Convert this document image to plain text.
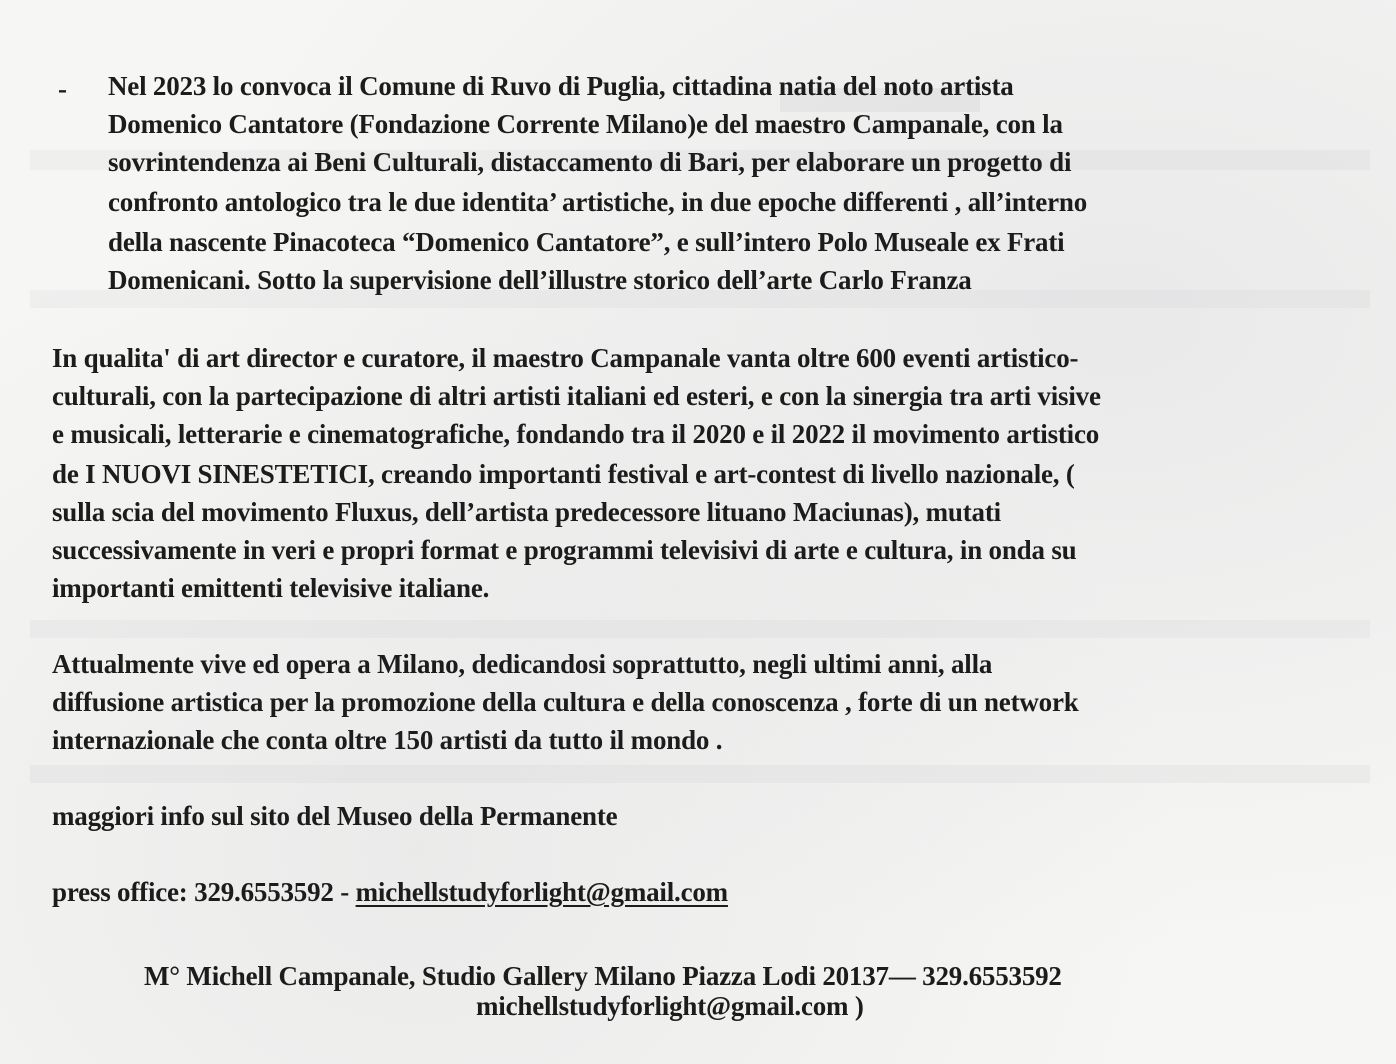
- Nel 2023 lo convoca il Comune di Ruvo di Puglia, cittadina natia del noto artista
Domenico Cantatore (Fondazione Corrente Milano)e del maestro Campanale, con la
sovrintendenza ai Beni Culturali, distaccamento di Bari, per elaborare un progetto di
confronto antologico tra le due identita’ artistiche, in due epoche differenti , all’interno
della nascente Pinacoteca “Domenico Cantatore”, e sull’intero Polo Museale ex Frati
Domenicani. Sotto la supervisione dell’illustre storico dell’arte Carlo Franza
In qualita' di art director e curatore, il maestro Campanale vanta oltre 600 eventi artistico-
culturali, con la partecipazione di altri artisti italiani ed esteri, e con la sinergia tra arti visive
e musicali, letterarie e cinematografiche, fondando tra il 2020 e il 2022 il movimento artistico
de I NUOVI SINESTETICI, creando importanti festival e art-contest di livello nazionale, (
sulla scia del movimento Fluxus, dell’artista predecessore lituano Maciunas), mutati
successivamente in veri e propri format e programmi televisivi di arte e cultura, in onda su
importanti emittenti televisive italiane.
Attualmente vive ed opera a Milano, dedicandosi soprattutto, negli ultimi anni, alla
diffusione artistica per la promozione della cultura e della conoscenza , forte di un network
internazionale che conta oltre 150 artisti da tutto il mondo .
maggiori info sul sito del Museo della Permanente
press office: 329.6553592 - michellstudyforlight@gmail.com
M° Michell Campanale, Studio Gallery Milano Piazza Lodi 20137— 329.6553592
michellstudyforlight@gmail.com )
